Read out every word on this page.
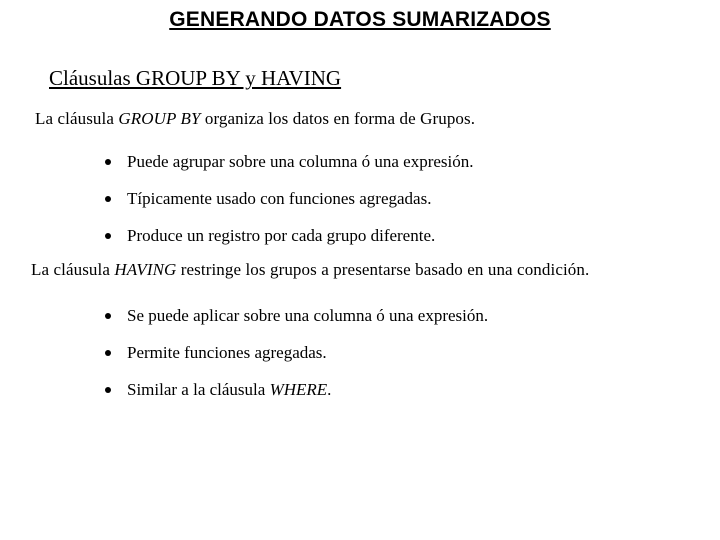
GENERANDO DATOS SUMARIZADOS
Cláusulas GROUP BY y HAVING
La cláusula GROUP BY organiza los datos en forma de Grupos.
Puede agrupar sobre una columna ó una expresión.
Típicamente usado con funciones agregadas.
Produce un registro por cada grupo diferente.
La cláusula HAVING restringe los grupos a presentarse basado en una condición.
Se puede aplicar sobre una columna ó una expresión.
Permite funciones agregadas.
Similar a la cláusula WHERE.
